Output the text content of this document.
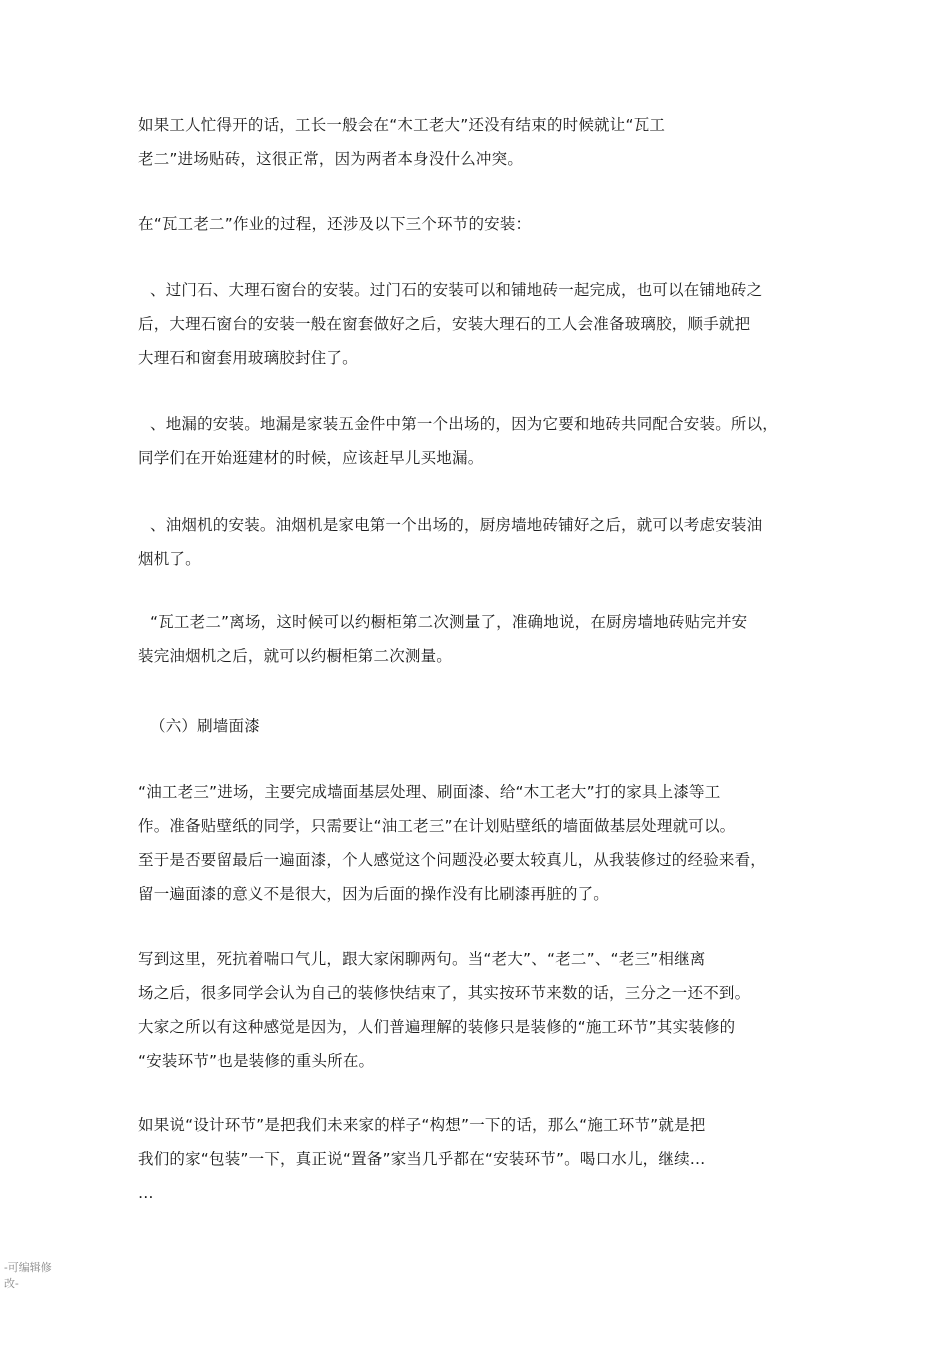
如果工人忙得开的话，工长一般会在“木工老大”还没有结束的时候就让“瓦工
老二”进场贴砖，这很正常，因为两者本身没什么冲突。
在“瓦工老二”作业的过程，还涉及以下三个环节的安装：
、过门石、大理石窗台的安装。过门石的安装可以和铺地砖一起完成，也可以在铺地砖之
后，大理石窗台的安装一般在窗套做好之后，安装大理石的工人会准备玻璃胶，顺手就把
大理石和窗套用玻璃胶封住了。
、地漏的安装。地漏是家装五金件中第一个出场的，因为它要和地砖共同配合安装。所以，
同学们在开始逛建材的时候，应该赶早儿买地漏。
、油烟机的安装。油烟机是家电第一个出场的，厨房墙地砖铺好之后，就可以考虑安装油
烟机了。
“瓦工老二”离场，这时候可以约橱柜第二次测量了，准确地说，在厨房墙地砖贴完并安
装完油烟机之后，就可以约橱柜第二次测量。
（六）刷墙面漆
“油工老三”进场，主要完成墙面基层处理、刷面漆、给“木工老大”打的家具上漆等工
作。准备贴壁纸的同学，只需要让“油工老三”在计划贴壁纸的墙面做基层处理就可以。
至于是否要留最后一遍面漆，个人感觉这个问题没必要太较真儿，从我装修过的经验来看，
留一遍面漆的意义不是很大，因为后面的操作没有比刷漆再脏的了。
写到这里，死抗着喘口气儿，跟大家闲聊两句。当“老大”、“老二”、“老三”相继离
场之后，很多同学会认为自己的装修快结束了，其实按环节来数的话，三分之一还不到。
大家之所以有这种感觉是因为，人们普遍理解的装修只是装修的“施工环节”其实装修的
“安装环节”也是装修的重头所在。
如果说“设计环节”是把我们未来家的样子“构想”一下的话，那么“施工环节”就是把
我们的家“包装”一下，真正说“置备”家当几乎都在“安装环节”。喝口水儿，继续…
…
-可编辑修
改-
